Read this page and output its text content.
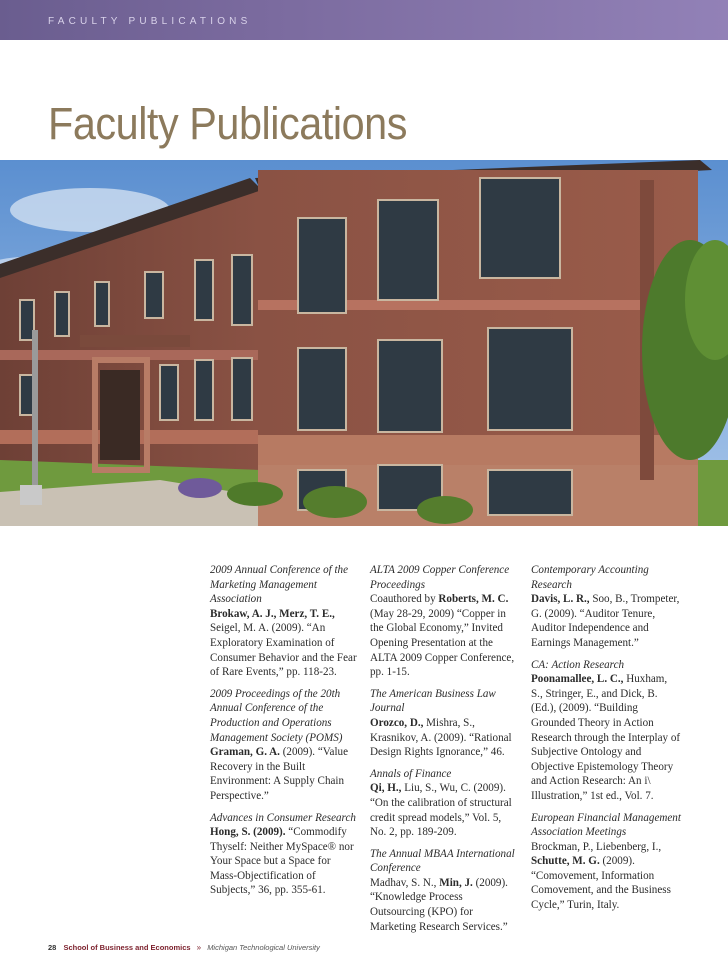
FACULTY PUBLICATIONS
Faculty Publications
2009 Annual Conference of the Marketing Management Association
Brokaw, A. J., Merz, T. E., Seigel, M. A. (2009). “An Exploratory Examination of Consumer Behavior and the Fear of Rare Events,” pp. 118-23.
2009 Proceedings of the 20th Annual Conference of the Production and Operations Management Society (POMS)
Graman, G. A. (2009). “Value Recovery in the Built Environment: A Supply Chain Perspective.”
Advances in Consumer Research
Hong, S. (2009). “Commodify Thyself: Neither MySpace® nor Your Space but a Space for Mass-Objectification of Subjects,” 36, pp. 355-61.
ALTA 2009 Copper Conference Proceedings
Coauthored by Roberts, M. C. (May 28-29, 2009) “Copper in the Global Economy,” Invited Opening Presentation at the ALTA 2009 Copper Conference, pp. 1-15.
The American Business Law Journal
Orozco, D., Mishra, S., Krasnikov, A. (2009). “Rational Design Rights Ignorance,” 46.
Annals of Finance
Qi, H., Liu, S., Wu, C. (2009). “On the calibration of structural credit spread models,” Vol. 5, No. 2, pp. 189-209.
The Annual MBAA International Conference
Madhav, S. N., Min, J. (2009). “Knowledge Process Outsourcing (KPO) for Marketing Research Services.”
Contemporary Accounting Research
Davis, L. R., Soo, B., Trompeter, G. (2009). “Auditor Tenure, Auditor Independence and Earnings Management.”
CA: Action Research
Poonamallee, L. C., Huxham, S., Stringer, E., and Dick, B. (Ed.), (2009). “Building Grounded Theory in Action Research through the Interplay of Subjective Ontology and Objective Epistemology Theory and Action Research: An i\ Illustration,” 1st ed., Vol. 7.
European Financial Management Association Meetings
Brockman, P., Liebenberg, I., Schutte, M. G. (2009). “Comovement, Information Comovement, and the Business Cycle,” Turin, Italy.
28 School of Business and Economics » Michigan Technological University
